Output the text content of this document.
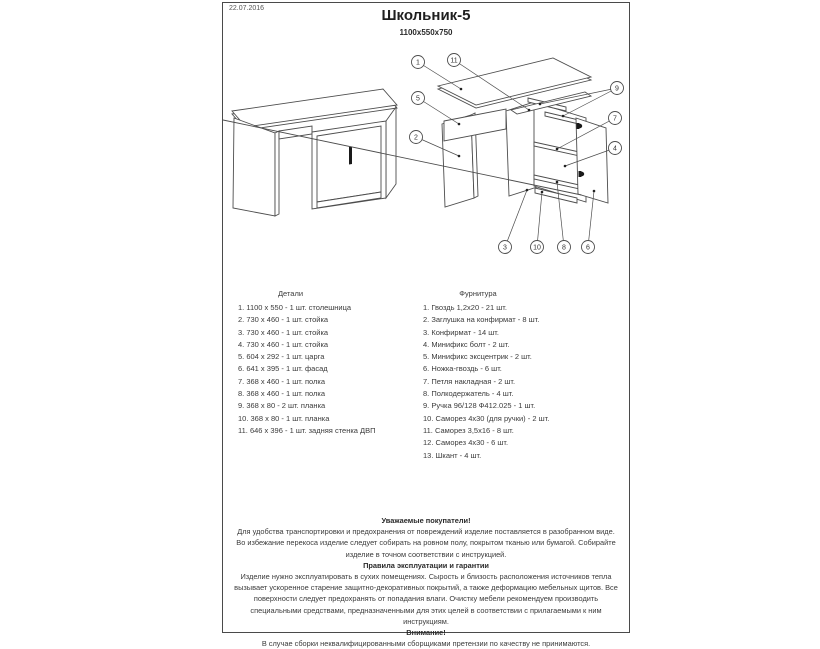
22.07.2016	Школьник-5
1100x550x750
1	11
5
2
9
7
4
3	10	8	6
Детали
1. 1100 x 550 - 1 шт. столешница
2. 730 x 460 - 1 шт. стойка
3. 730 x 460 - 1 шт. стойка
4. 730 x 460 - 1 шт. стойка
5. 604 x 292 - 1 шт. царга
6. 641 x 395 - 1 шт. фасад
7. 368 x 460 - 1 шт. полка
8. 368 x 460 - 1 шт. полка
9. 368 x 80 - 2 шт. планка
10. 368 x 80 - 1 шт. планка
11. 646 x 396 - 1 шт. задняя стенка ДВП
Фурнитура
1. Гвоздь 1,2x20 - 21 шт.
2. Заглушка на конфирмат - 8 шт.
3. Конфирмат - 14 шт.
4. Минификс болт - 2 шт.
5. Минификс эксцентрик - 2 шт.
6. Ножка-гвоздь - 6 шт.
7. Петля накладная - 2 шт.
8. Полкодержатель - 4 шт.
9. Ручка 96/128 Ф412.025 - 1 шт.
10. Саморез 4x30 (для ручки) - 2 шт.
11. Саморез 3,5x16 - 8 шт.
12. Саморез 4x30 - 6 шт.
13. Шкант - 4 шт.
Уважаемые покупатели!
Для удобства транспортировки и предохранения от повреждений изделие поставляется в разобранном виде. Во избежание перекоса изделие следует собирать на ровном полу, покрытом тканью или бумагой. Собирайте изделие в точном соответствии с инструкцией.
Правила эксплуатации и гарантии
Изделие нужно эксплуатировать в сухих помещениях. Сырость и близость расположения источников тепла вызывает ускоренное старение защитно-декоративных покрытий, а также деформацию мебельных щитов. Все поверхности следует предохранять от попадания влаги. Очистку мебели рекомендуем производить специальными средствами, предназначенными для этих целей в соответствии с прилагаемыми к ним инструкциям.
Внимание!
В случае сборки неквалифицированными сборщиками претензии по качеству не принимаются.
